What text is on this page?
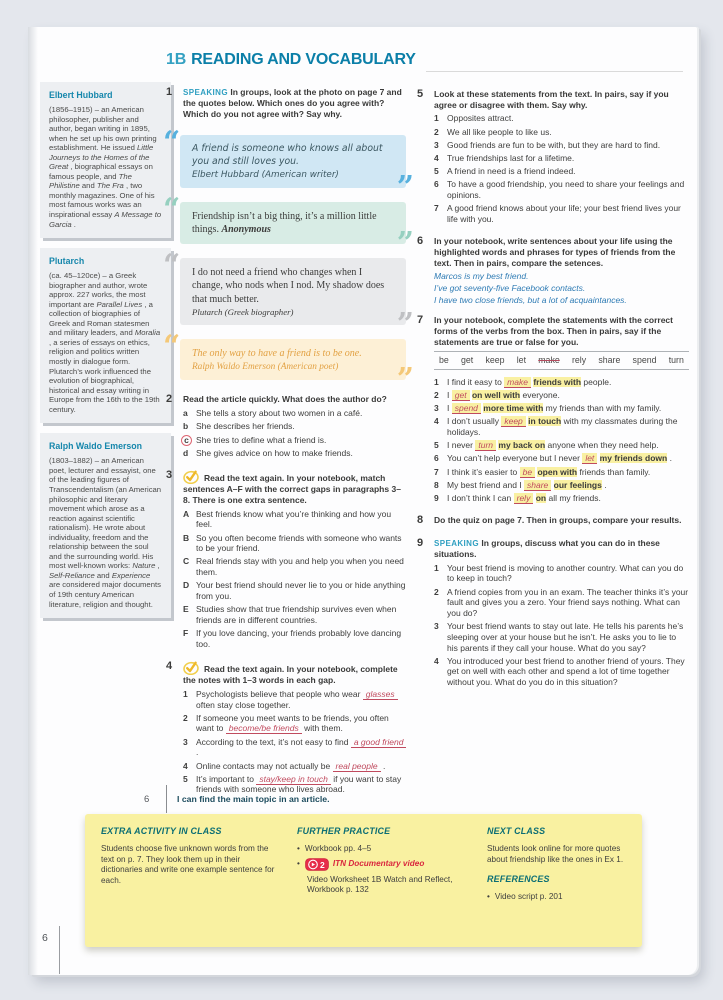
1B READING AND VOCABULARY
Elbert Hubbard
(1856–1915) – an American philosopher, publisher and author, began writing in 1895, when he set up his own printing establishment. He issued Little Journeys to the Homes of the Great , biographical essays on famous people, and The Philistine and The Fra , two monthly magazines. One of his most famous works was an inspirational essay A Message to Garcia .
Plutarch
(ca. 45–120ce) – a Greek biographer and author, wrote approx. 227 works, the most important are Parallel Lives , a collection of biographies of Greek and Roman statesmen and military leaders, and Moralia , a series of essays on ethics, religion and politics written mostly in dialogue form. Plutarch’s work influenced the evolution of biographical, historical and essay writing in Europe from the 16th to the 19th century.
Ralph Waldo Emerson
(1803–1882) – an American poet, lecturer and essayist, one of the leading figures of Transcendentalism (an American philosophic and literary movement which arose as a reaction against scientific rationalism). He wrote about individuality, freedom and the relationship between the soul and the surrounding world. His most well-known works: Nature , Self-Reliance and Experience are considered major documents of 19th century American literature, religion and thought.
1	SPEAKING In groups, look at the photo on page 7 and the quotes below. Which ones do you agree with? Which do you not agree with? Say why.

“
A friend is someone who knows all about you and still loves you.
Elbert Hubbard (American writer)
”
“
Friendship isn’t a big thing, it’s a million little things. Anonymous
”
“
I do not need a friend who changes when I change, who nods when I nod. My shadow does that much better.
Plutarch (Greek biographer)
”
“
The only way to have a friend is to be one.
Ralph Waldo Emerson (American poet)
”
2	Read the article quickly. What does the author do?

a She tells a story about two women in a café.
b She describes her friends.
c She tries to define what a friend is.
d She gives advice on how to make friends.
3	Read the text again. In your notebook, match sentences A–F with the correct gaps in paragraphs 3–8. There is one extra sentence.

A Best friends know what you’re thinking and how you feel.
B So you often become friends with someone who wants to be your friend.
C Real friends stay with you and help you when you need them.
D Your best friend should never lie to you or hide anything from you.
E Studies show that true friendship survives even when friends are in different countries.
F If you love dancing, your friends probably love dancing too.
4	Read the text again. In your notebook, complete the notes with 1–3 words in each gap.

1 Psychologists believe that people who wear glasses often stay close together.
2 If someone you meet wants to be friends, you often want to become/be friends with them.
3 According to the text, it’s not easy to find a good friend .
4 Online contacts may not actually be real people .
5 It’s important to stay/keep in touch if you want to stay friends with someone who lives abroad.
5	Look at these statements from the text. In pairs, say if you agree or disagree with them. Say why.

1 Opposites attract.
2 We all like people to like us.
3 Good friends are fun to be with, but they are hard to find.
4 True friendships last for a lifetime.
5 A friend in need is a friend indeed.
6 To have a good friendship, you need to share your feelings and opinions.
7 A good friend knows about your life; your best friend lives your life with you.
6	In your notebook, write sentences about your life using the highlighted words and phrases for types of friends from the text. Then in pairs, compare the setences.

Marcos is my best friend.
I’ve got seventy-five Facebook contacts.
I have two close friends, but a lot of acquaintances.
7	In your notebook, complete the statements with the correct forms of the verbs from the box. Then in pairs, say if the statements are true or false for you.

be get keep let make rely share spend turn
1 I find it easy to make friends with people.
2 I get on well with everyone.
3 I spend more time with my friends than with my family.
4 I don’t usually keep in touch with my classmates during the holidays.
5 I never turn my back on anyone when they need help.
6 You can’t help everyone but I never let my friends down .
7 I think it’s easier to be open with friends than family.
8 My best friend and I share our feelings .
9 I don’t think I can rely on all my friends.
8	Do the quiz on page 7. Then in groups, compare your results.

9	SPEAKING In groups, discuss what you can do in these situations.

1 Your best friend is moving to another country. What can you do to keep in touch?
2 A friend copies from you in an exam. The teacher thinks it’s your fault and gives you a zero. Your friend says nothing. What can you do?
3 Your best friend wants to stay out late. He tells his parents he’s sleeping over at your house but he isn’t. He asks you to lie to his parents if they call your house. What do you say?
4 You introduced your best friend to another friend of yours. They get on well with each other and spend a lot of time together without you. What do you do in this situation?
6	I can find the main topic in an article.
EXTRA ACTIVITY IN CLASS
Students choose five unknown words from the text on p. 7. They look them up in their dictionaries and write one example sentence for each.
FURTHER PRACTICE
• Workbook pp. 4–5
• 2 ITN Documentary video
Video Worksheet 1B Watch and Reflect, Workbook p. 132
NEXT CLASS
Students look online for more quotes about friendship like the ones in Ex 1.
REFERENCES
• Video script p. 201
6
